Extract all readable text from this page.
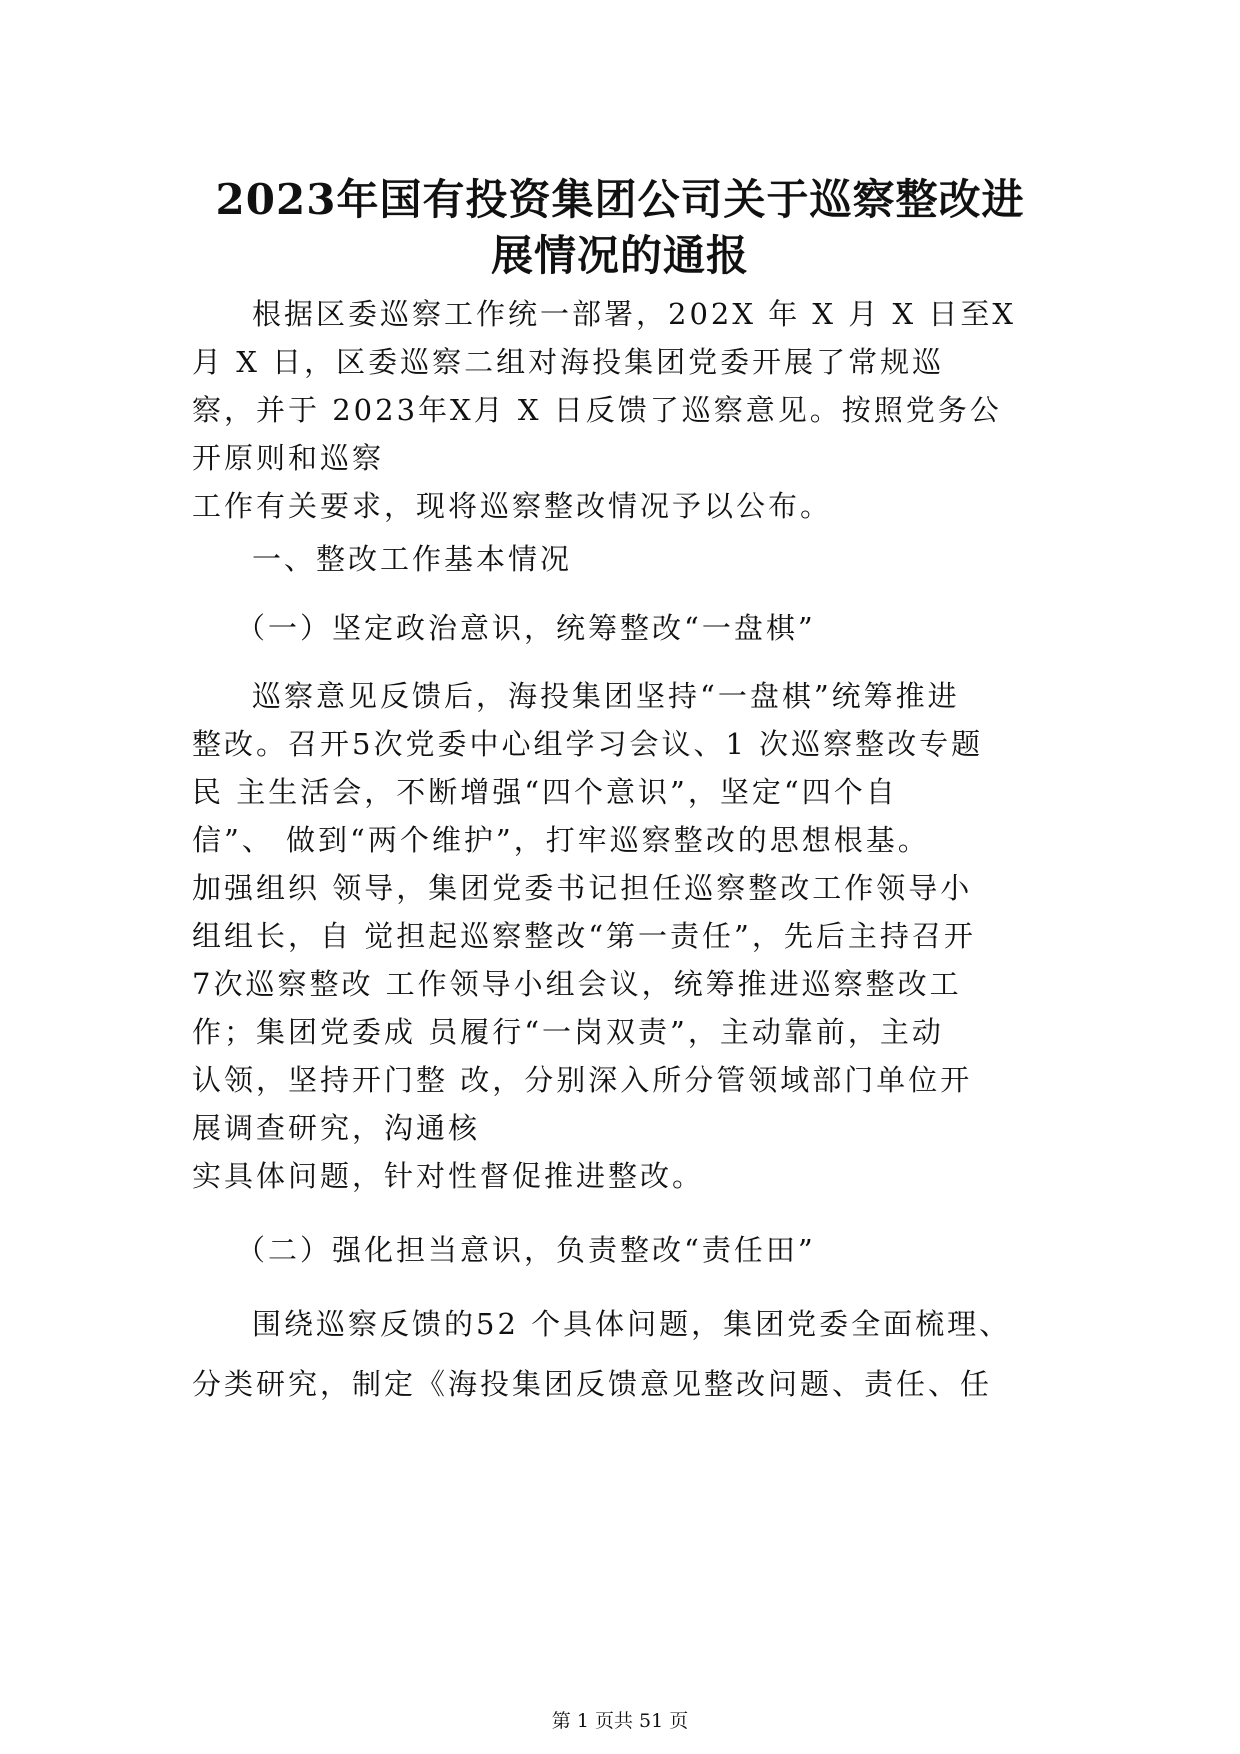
2023年国有投资集团公司关于巡察整改进
展情况的通报
根据区委巡察工作统一部署，202X 年 X 月 X 日至X
月 X 日，区委巡察二组对海投集团党委开展了常规巡
察，并于 2023年X月 X 日反馈了巡察意见。按照党务公
开原则和巡察
工作有关要求，现将巡察整改情况予以公布。
一、整改工作基本情况
（一）坚定政治意识，统筹整改“一盘棋”
巡察意见反馈后，海投集团坚持“一盘棋”统筹推进
整改。召开5次党委中心组学习会议、1 次巡察整改专题
民 主生活会，不断增强“四个意识”，坚定“四个自
信”、 做到“两个维护”，打牢巡察整改的思想根基。
加强组织 领导，集团党委书记担任巡察整改工作领导小
组组长，自 觉担起巡察整改“第一责任”，先后主持召开
7次巡察整改 工作领导小组会议，统筹推进巡察整改工
作；集团党委成 员履行“一岗双责”，主动靠前，主动
认领，坚持开门整 改，分别深入所分管领域部门单位开
展调查研究，沟通核
实具体问题，针对性督促推进整改。
（二）强化担当意识，负责整改“责任田”
围绕巡察反馈的52 个具体问题，集团党委全面梳理、
分类研究，制定《海投集团反馈意见整改问题、责任、任
第 1 页共 51 页
